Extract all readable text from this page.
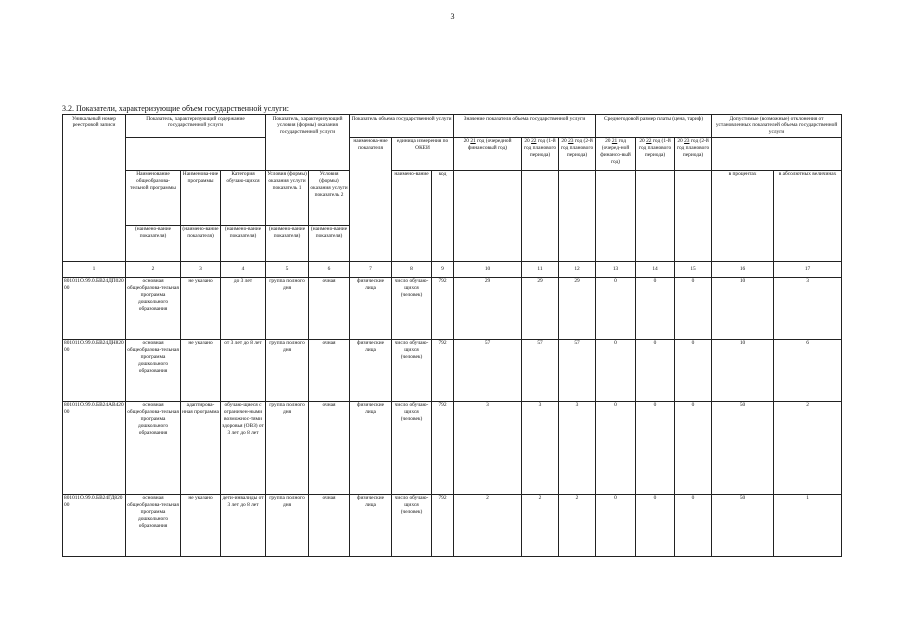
3
3.2. Показатели, характеризующие объем государственной услуги:
Уникальный номер реестровой записи	Показатель, характеризующий содержание государственной услуги			Показатель, характеризующий условия (формы) оказания государственной услуги		Показатель объема государственной услуги			Значение показателя объема государственной услуги			Среднегодовой размер платы (цена, тариф)			Допустимые (возможные) отклонения от установленных показателей объема государственной услуги	
						наименова-ние показателя	единица измерения по ОКЕИ		20 21 год (очередной финансовый год)	20 22 год (1-й год планового периода)	20 23 год (2-й год планового периода)	20 21 год (очеред-ной финансо-вый год)	20 22 год (1-й год планового периода)	20 23 год (2-й год планового периода)		

	Наименование общеобразова-тельной программы	Наименова-ние программы	Категория обучаю-щихся	Условия (формы) оказания услуги показатель 1	Условия (формы) оказания услуги показатель 2		наимено-вание	код							в процентах	в абсолютных величинах
	(наимено-вание показателя)	(наимено-вание показателя)	(наимено-вание показателя)	(наимено-вание показателя)	(наимено-вание показателя)											
1	2	3	4	5	6	7	8	9	10	11	12	13	14	15	16	17
801011О.99.0.БВ24ДП02000	основная общеобразова-тельная программа дошкольного образования	не указано	до 3 лет	группа полного дня	очная	физические лица	число обучаю-щихся (человек)	792	29	29	29	0	0	0	10	3
801011О.99.0.БВ24ДН82000	основная общеобразова-тельная программа дошкольного образования	не указано	от 3 лет до 8 лет	группа полного дня	очная	физические лица	число обучаю-щихся (человек)	792	57	57	57	0	0	0	10	6
801011О.99.0.БВ24АВ42000	основная общеобразова-тельная программа дошкольного образования	адаптирова-нная программа	обучаю-щиеся с ограничен-ными возможнос-тями здоровья (ОВЗ) от 3 лет до 8 лет	группа полного дня	очная	физические лица	число обучаю-щихся (человек)	792	3	3	3	0	0	0	50	2
801011О.99.0.БВ24ГД82000	основная общеобразова-тельная программа дошкольного образования	не указано	дети-инвалиды от 3 лет до 8 лет	группа полного дня	очная	физические лица	число обучаю-щихся (человек)	792	2	2	2	0	0	0	50	1
